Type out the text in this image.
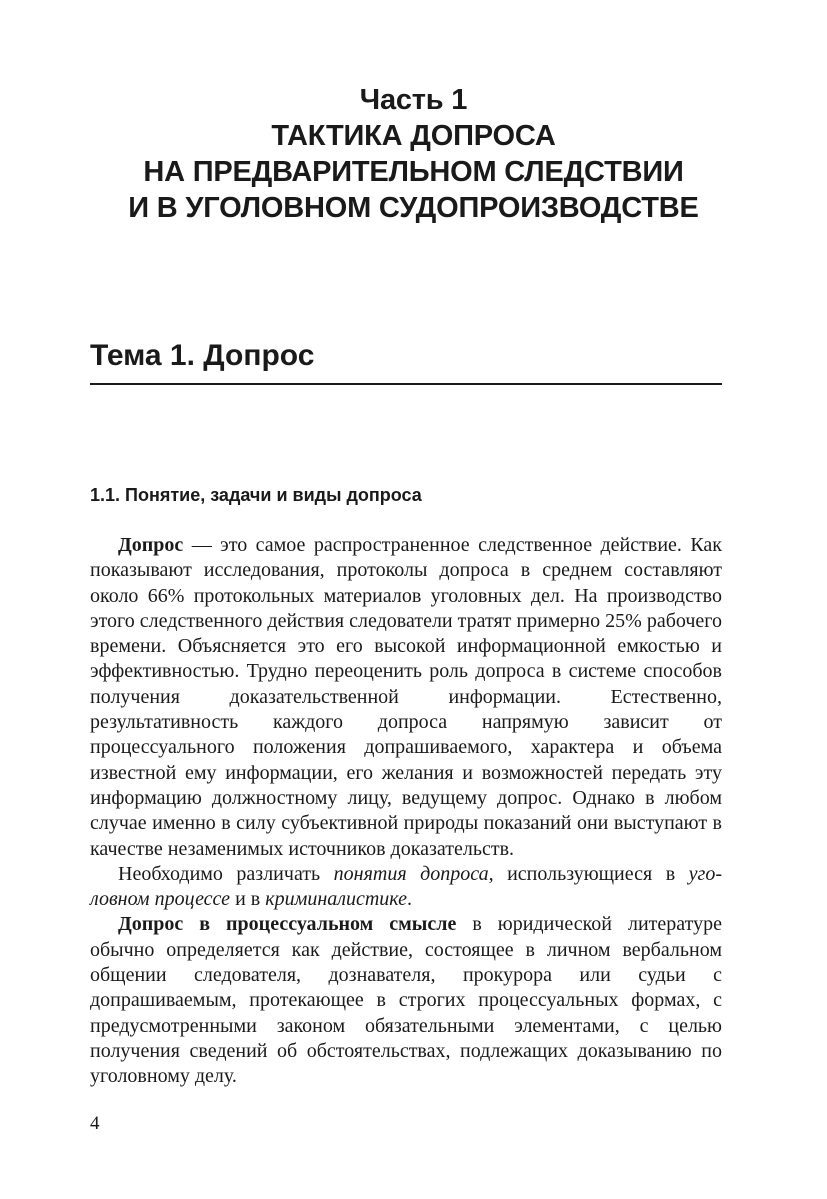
Часть 1
ТАКТИКА ДОПРОСА
НА ПРЕДВАРИТЕЛЬНОМ СЛЕДСТВИИ
И В УГОЛОВНОМ СУДОПРОИЗВОДСТВЕ
Тема 1. Допрос
1.1. Понятие, задачи и виды допроса

Допрос — это самое распространенное следственное действие. Как показывают исследования, протоколы допроса в среднем составляют около 66% протокольных материалов уголовных дел. На производство этого следственного действия следователи тратят примерно 25% рабочего времени. Объясняется это его высокой информационной емкостью и эффективностью. Трудно переоценить роль допроса в системе способов получения доказательственной информации. Естественно, результативность каждого допроса напрямую зависит от процессуального положения допрашиваемого, характера и объема известной ему информации, его желания и возможностей передать эту информацию должностному лицу, ведущему допрос. Однако в любом случае именно в силу субъективной природы показаний они выступают в качестве незаменимых источников доказательств.

Необходимо различать понятия допроса, использующиеся в уголовном процессе и в криминалистике.

Допрос в процессуальном смысле в юридической литературе обычно определяется как действие, состоящее в личном вербальном общении следователя, дознавателя, прокурора или судьи с допрашиваемым, протекающее в строгих процессуальных формах, с предусмотренными законом обязательными элементами, с целью получения сведений об обстоятельствах, подлежащих доказыванию по уголовному делу.

4
